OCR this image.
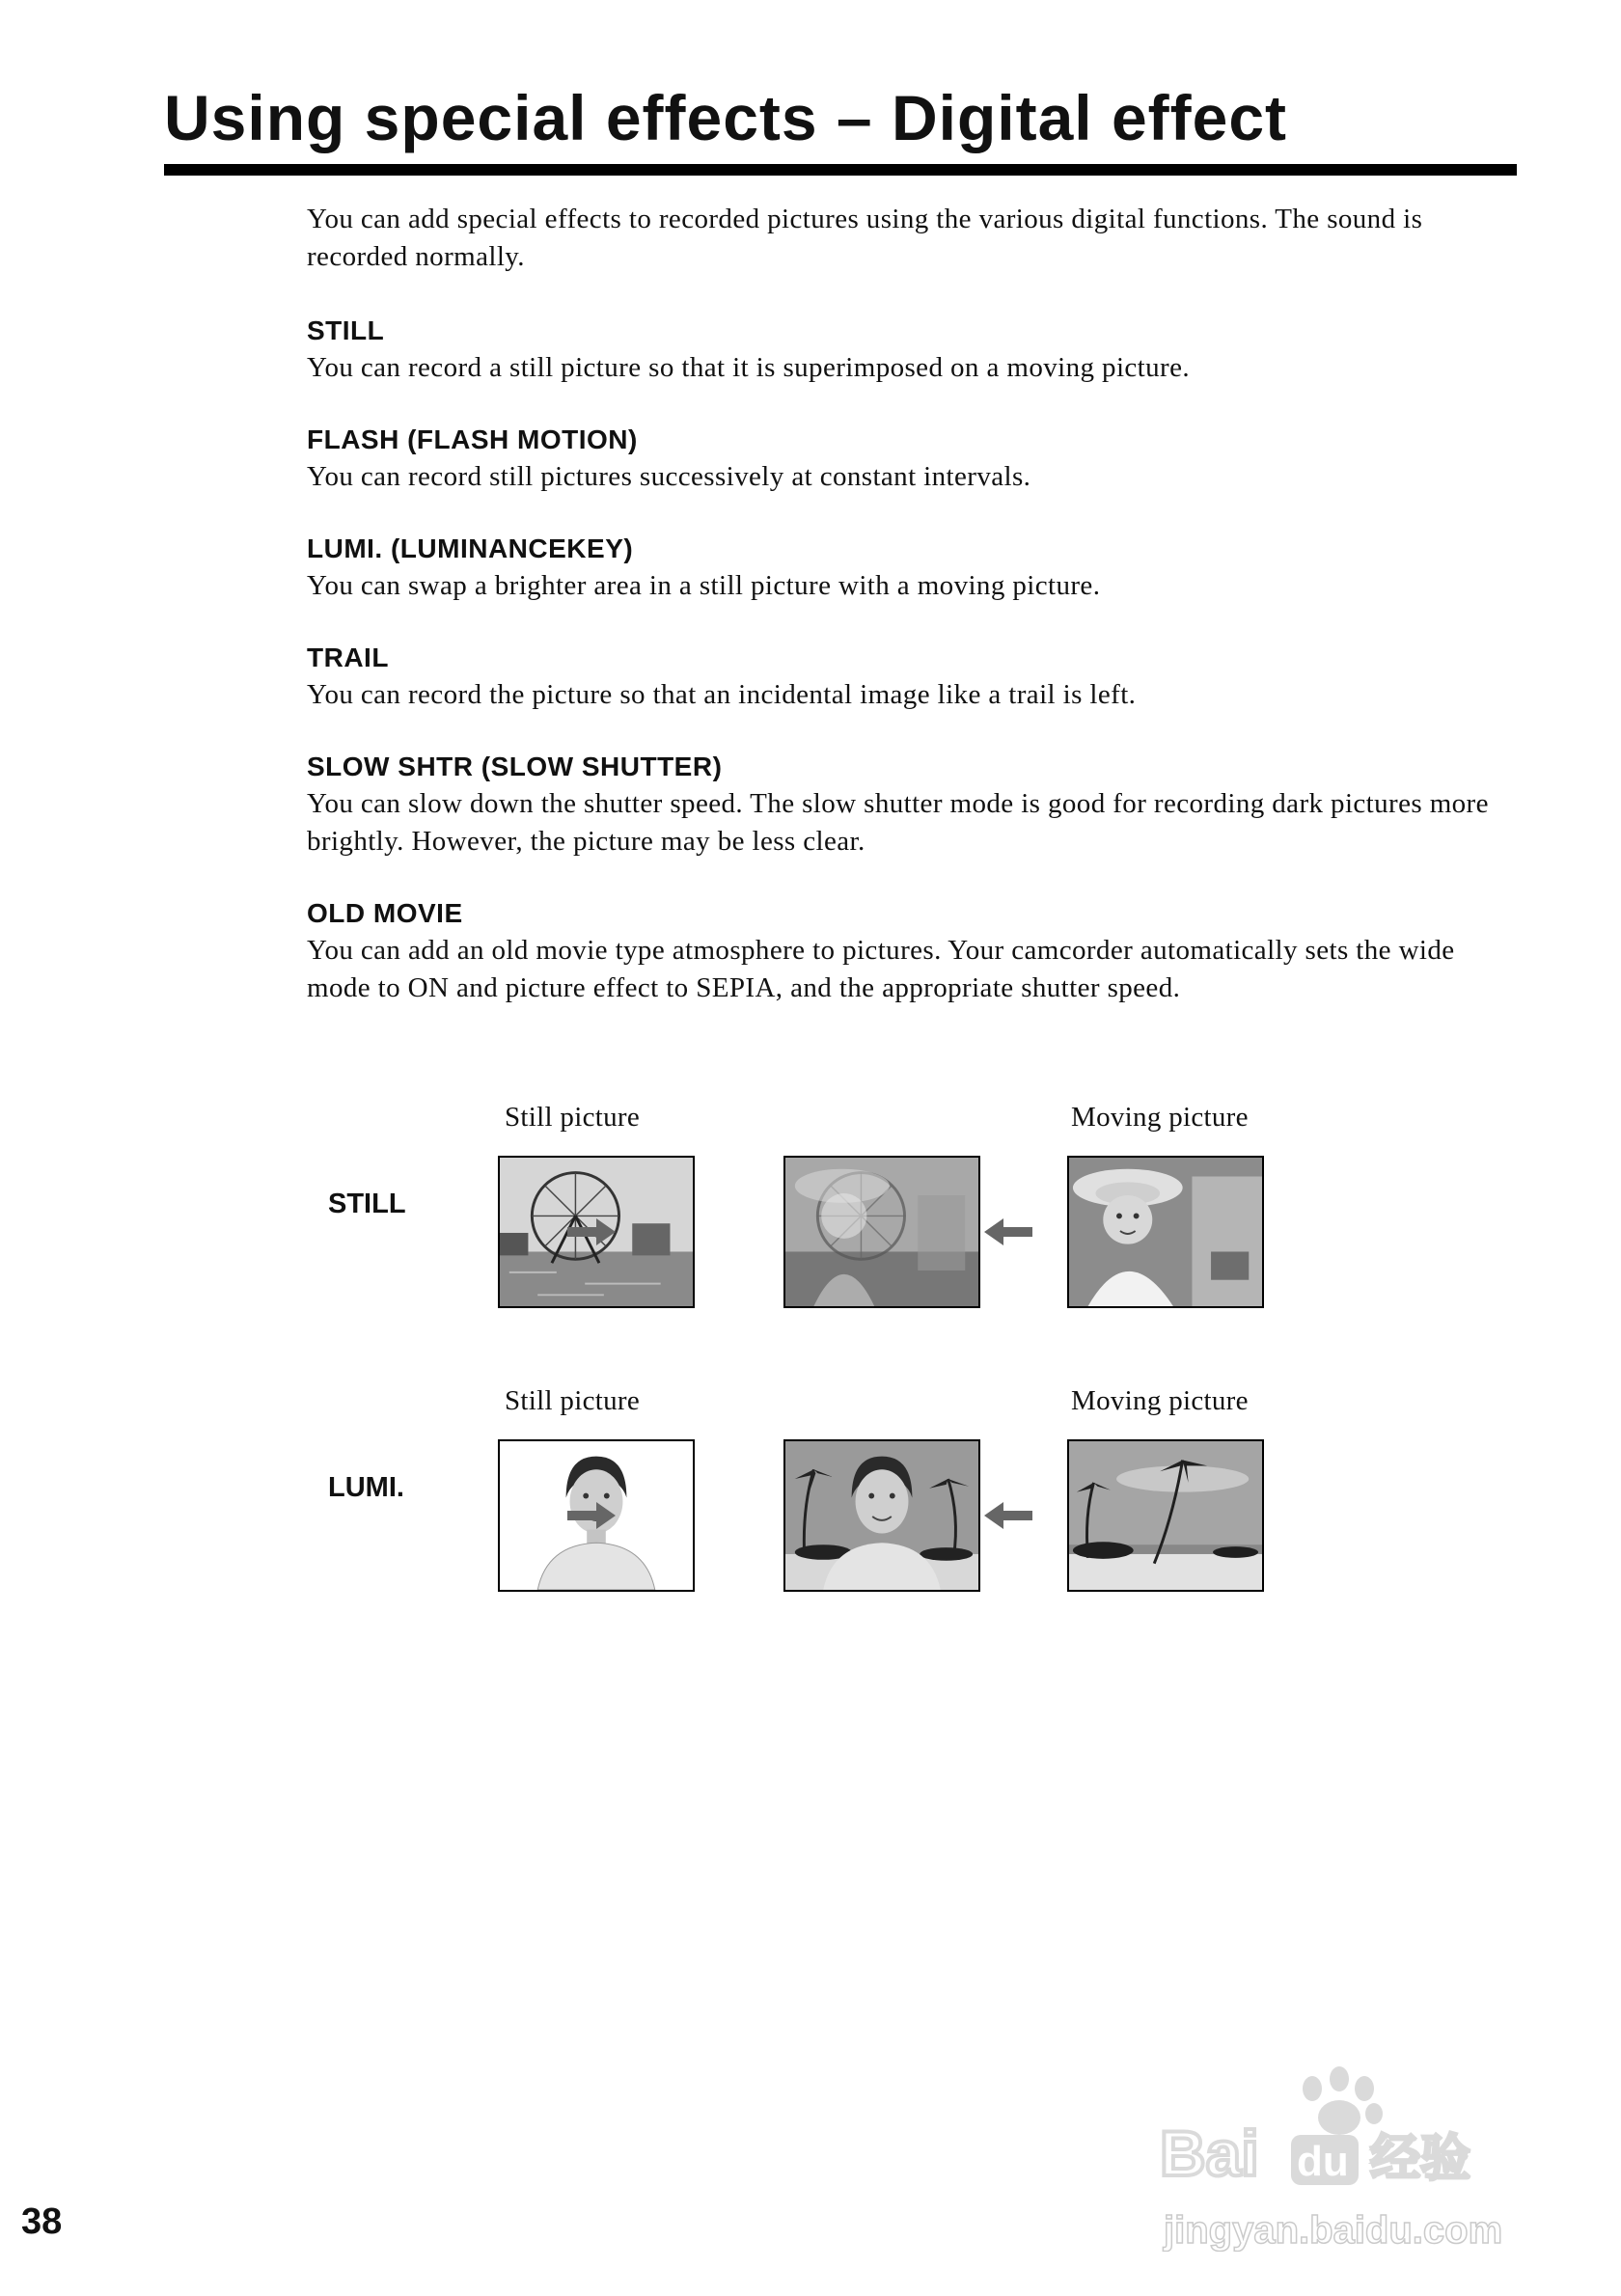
Using special effects – Digital effect

You can add special effects to recorded pictures using the various digital functions. The sound is recorded normally.

STILL

You can record a still picture so that it is superimposed on a moving picture.

FLASH (FLASH MOTION)

You can record still pictures successively at constant intervals.

LUMI. (LUMINANCEKEY)

You can swap a brighter area in a still picture with a moving picture.

TRAIL

You can record the picture so that an incidental image like a trail is left.

SLOW SHTR (SLOW SHUTTER)

You can slow down the shutter speed. The slow shutter mode is good for recording dark pictures more brightly. However, the picture may be less clear.

OLD MOVIE

You can add an old movie type atmosphere to pictures. Your camcorder automatically sets the wide mode to ON and picture effect to SEPIA, and the appropriate shutter speed.

Still picture	Moving picture
STILL
Still picture	Moving picture
LUMI.
38
Bai du 经验
jingyan.baidu.com
